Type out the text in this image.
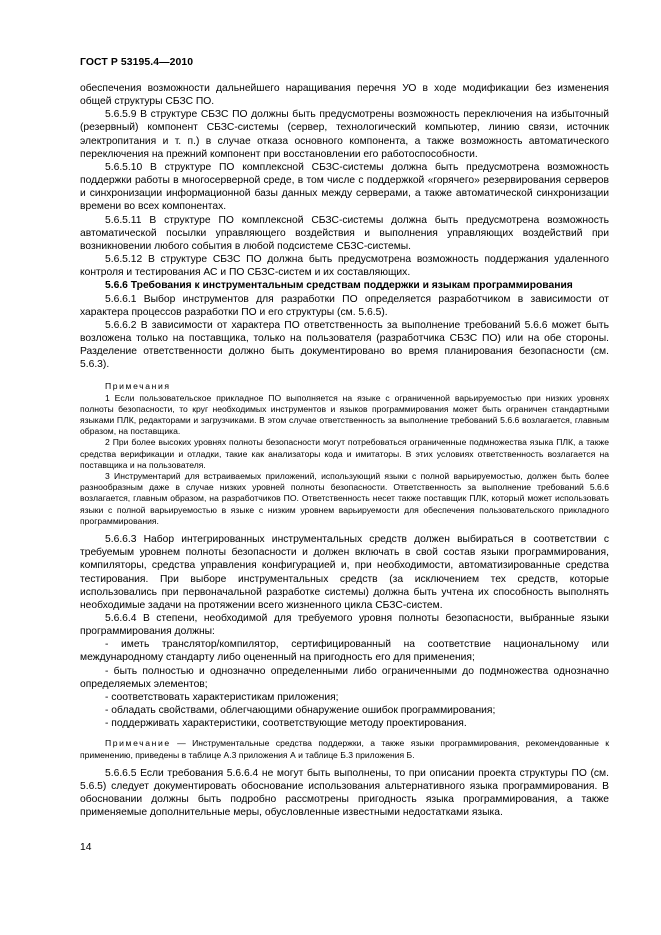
ГОСТ Р 53195.4—2010

обеспечения возможности дальнейшего наращивания перечня УО в ходе модификации без изменения общей структуры СБЗС ПО.

5.6.5.9 В структуре СБЗС ПО должны быть предусмотрены возможность переключения на избыточный (резервный) компонент СБЗС-системы (сервер, технологический компьютер, линию связи, источник электропитания и т. п.) в случае отказа основного компонента, а также возможность автоматического переключения на прежний компонент при восстановлении его работоспособности.

5.6.5.10 В структуре ПО комплексной СБЗС-системы должна быть предусмотрена возможность поддержки работы в многосерверной среде, в том числе с поддержкой «горячего» резервирования серверов и синхронизации информационной базы данных между серверами, а также автоматической синхронизации времени во всех компонентах.

5.6.5.11 В структуре ПО комплексной СБЗС-системы должна быть предусмотрена возможность автоматической посылки управляющего воздействия и выполнения управляющих воздействий при возникновении любого события в любой подсистеме СБЗС-системы.

5.6.5.12 В структуре СБЗС ПО должна быть предусмотрена возможность поддержания удаленного контроля и тестирования АС и ПО СБЗС-систем и их составляющих.

5.6.6 Требования к инструментальным средствам поддержки и языкам программирования

5.6.6.1 Выбор инструментов для разработки ПО определяется разработчиком в зависимости от характера процессов разработки ПО и его структуры (см. 5.6.5).

5.6.6.2 В зависимости от характера ПО ответственность за выполнение требований 5.6.6 может быть возложена только на поставщика, только на пользователя (разработчика СБЗС ПО) или на обе стороны. Разделение ответственности должно быть документировано во время планирования безопасности (см. 5.6.3).

Примечания

1 Если пользовательское прикладное ПО выполняется на языке с ограниченной варьируемостью при низких уровнях полноты безопасности, то круг необходимых инструментов и языков программирования может быть ограничен стандартными языками ПЛК, редакторами и загрузчиками. В этом случае ответственность за выполнение требований 5.6.6 возлагается, главным образом, на поставщика.

2 При более высоких уровнях полноты безопасности могут потребоваться ограниченные подмножества языка ПЛК, а также средства верификации и отладки, такие как анализаторы кода и имитаторы. В этих условиях ответственность возлагается на поставщика и на пользователя.

3 Инструментарий для встраиваемых приложений, использующий языки с полной варьируемостью, должен быть более разнообразным даже в случае низких уровней полноты безопасности. Ответственность за выполнение требований 5.6.6 возлагается, главным образом, на разработчиков ПО. Ответственность несет также поставщик ПЛК, который может использовать языки с полной варьируемостью в языке с низким уровнем варьируемости для обеспечения пользовательского прикладного программирования.

5.6.6.3 Набор интегрированных инструментальных средств должен выбираться в соответствии с требуемым уровнем полноты безопасности и должен включать в свой состав языки программирования, компиляторы, средства управления конфигурацией и, при необходимости, автоматизированные средства тестирования. При выборе инструментальных средств (за исключением тех средств, которые использовались при первоначальной разработке системы) должна быть учтена их способность выполнять необходимые задачи на протяжении всего жизненного цикла СБЗС-систем.

5.6.6.4 В степени, необходимой для требуемого уровня полноты безопасности, выбранные языки программирования должны:

- иметь транслятор/компилятор, сертифицированный на соответствие национальному или международному стандарту либо оцененный на пригодность его для применения;

- быть полностью и однозначно определенными либо ограниченными до подмножества однозначно определяемых элементов;

- соответствовать характеристикам приложения;

- обладать свойствами, облегчающими обнаружение ошибок программирования;

- поддерживать характеристики, соответствующие методу проектирования.

Примечание — Инструментальные средства поддержки, а также языки программирования, рекомендованные к применению, приведены в таблице А.3 приложения А и таблице Б.3 приложения Б.

5.6.6.5 Если требования 5.6.6.4 не могут быть выполнены, то при описании проекта структуры ПО (см. 5.6.5) следует документировать обоснование использования альтернативного языка программирования. В обосновании должны быть подробно рассмотрены пригодность языка программирования, а также применяемые дополнительные меры, обусловленные известными недостатками языка.

14
